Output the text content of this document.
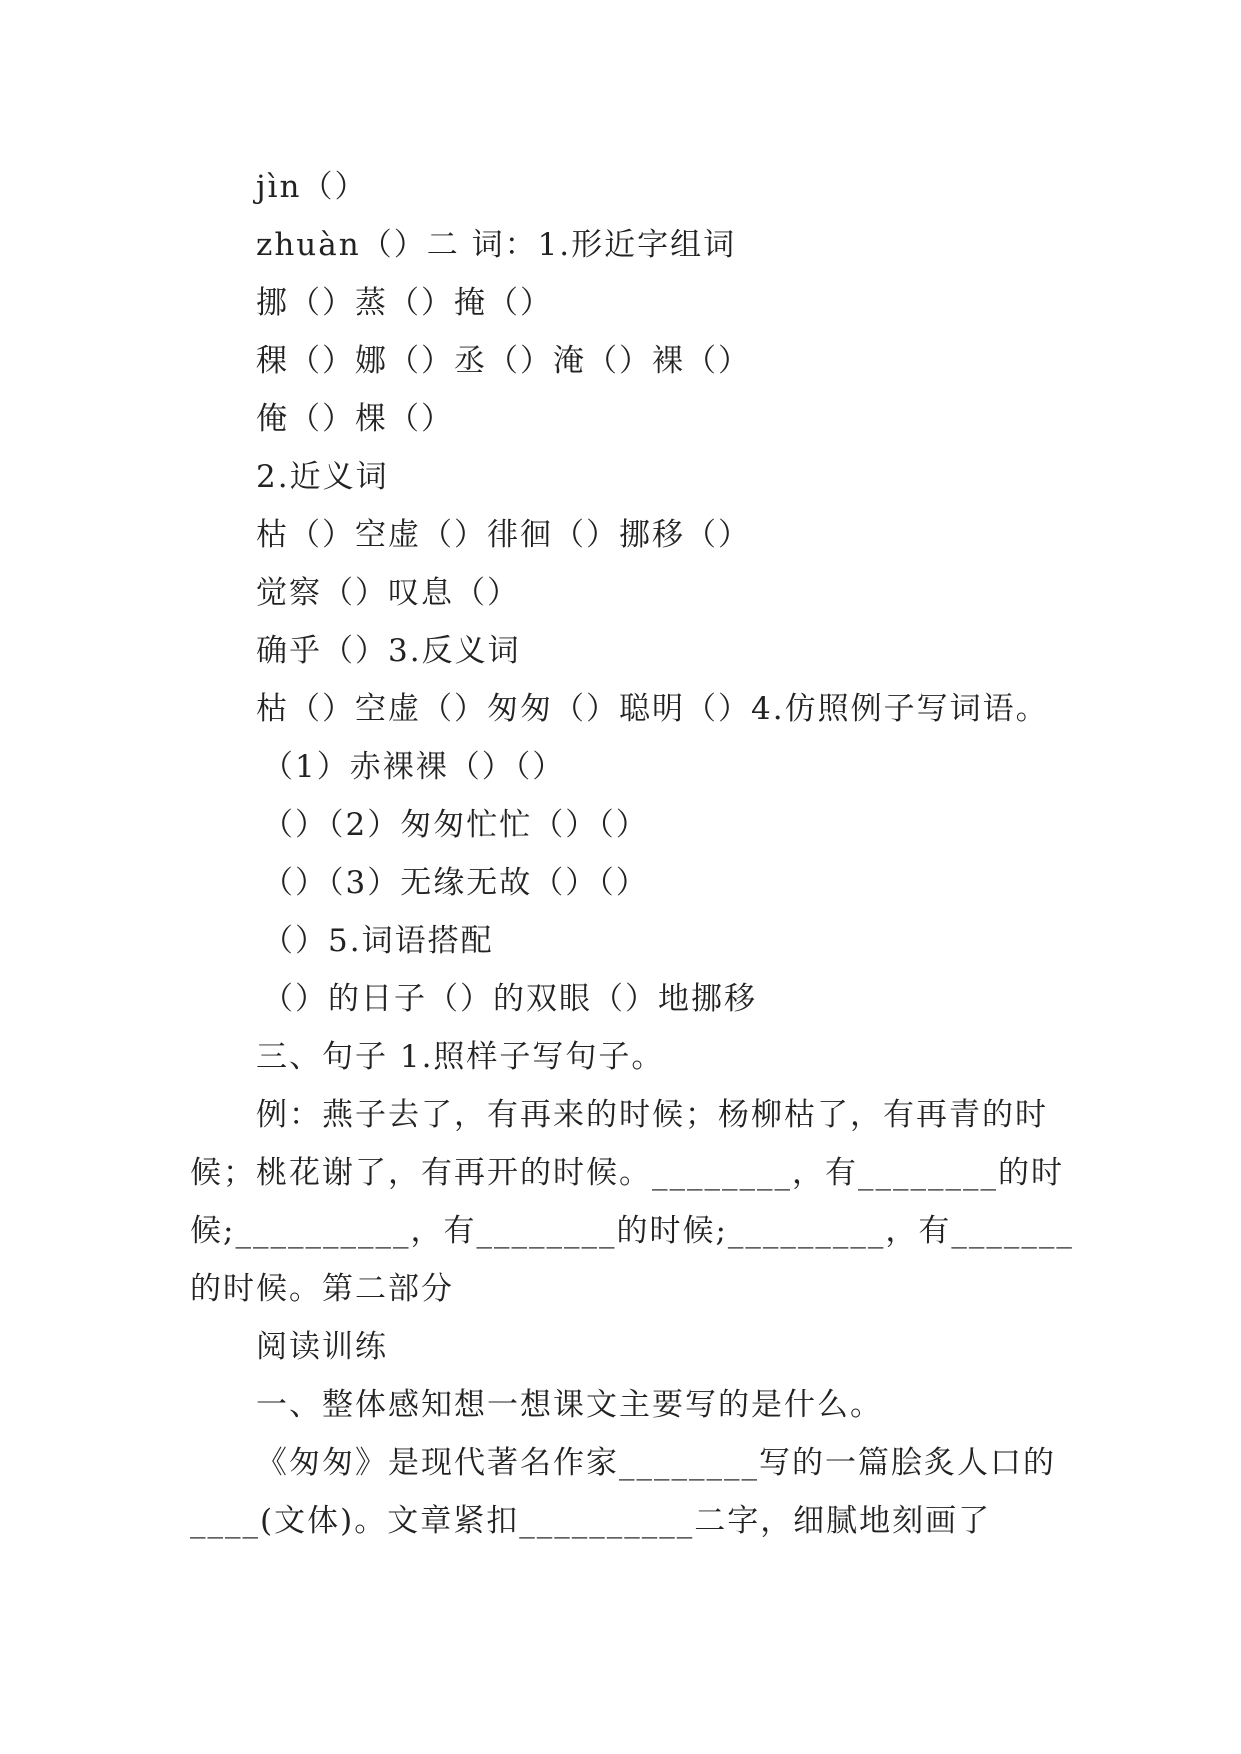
jìn（）
zhuàn（）二 词：1.形近字组词
挪（）蒸（）掩（）
稞（）娜（）丞（）淹（）裸（）
俺（）棵（）
2.近义词
枯（）空虚（）徘徊（）挪移（）
觉察（）叹息（）
确乎（）3.反义词
枯（）空虚（）匆匆（）聪明（）4.仿照例子写词语。
（1）赤裸裸（）（）
（）（2）匆匆忙忙（）（）
（）（3）无缘无故（）（）
（）5.词语搭配
（）的日子（）的双眼（）地挪移
三、句子 1.照样子写句子。
例：燕子去了，有再来的时候；杨柳枯了，有再青的时
候；桃花谢了，有再开的时候。________，有________的时
候;__________，有________的时候;_________，有_______
的时候。第二部分
阅读训练
一、整体感知想一想课文主要写的是什么。
《匆匆》是现代著名作家________写的一篇脍炙人口的
____(文体)。文章紧扣__________二字，细腻地刻画了
